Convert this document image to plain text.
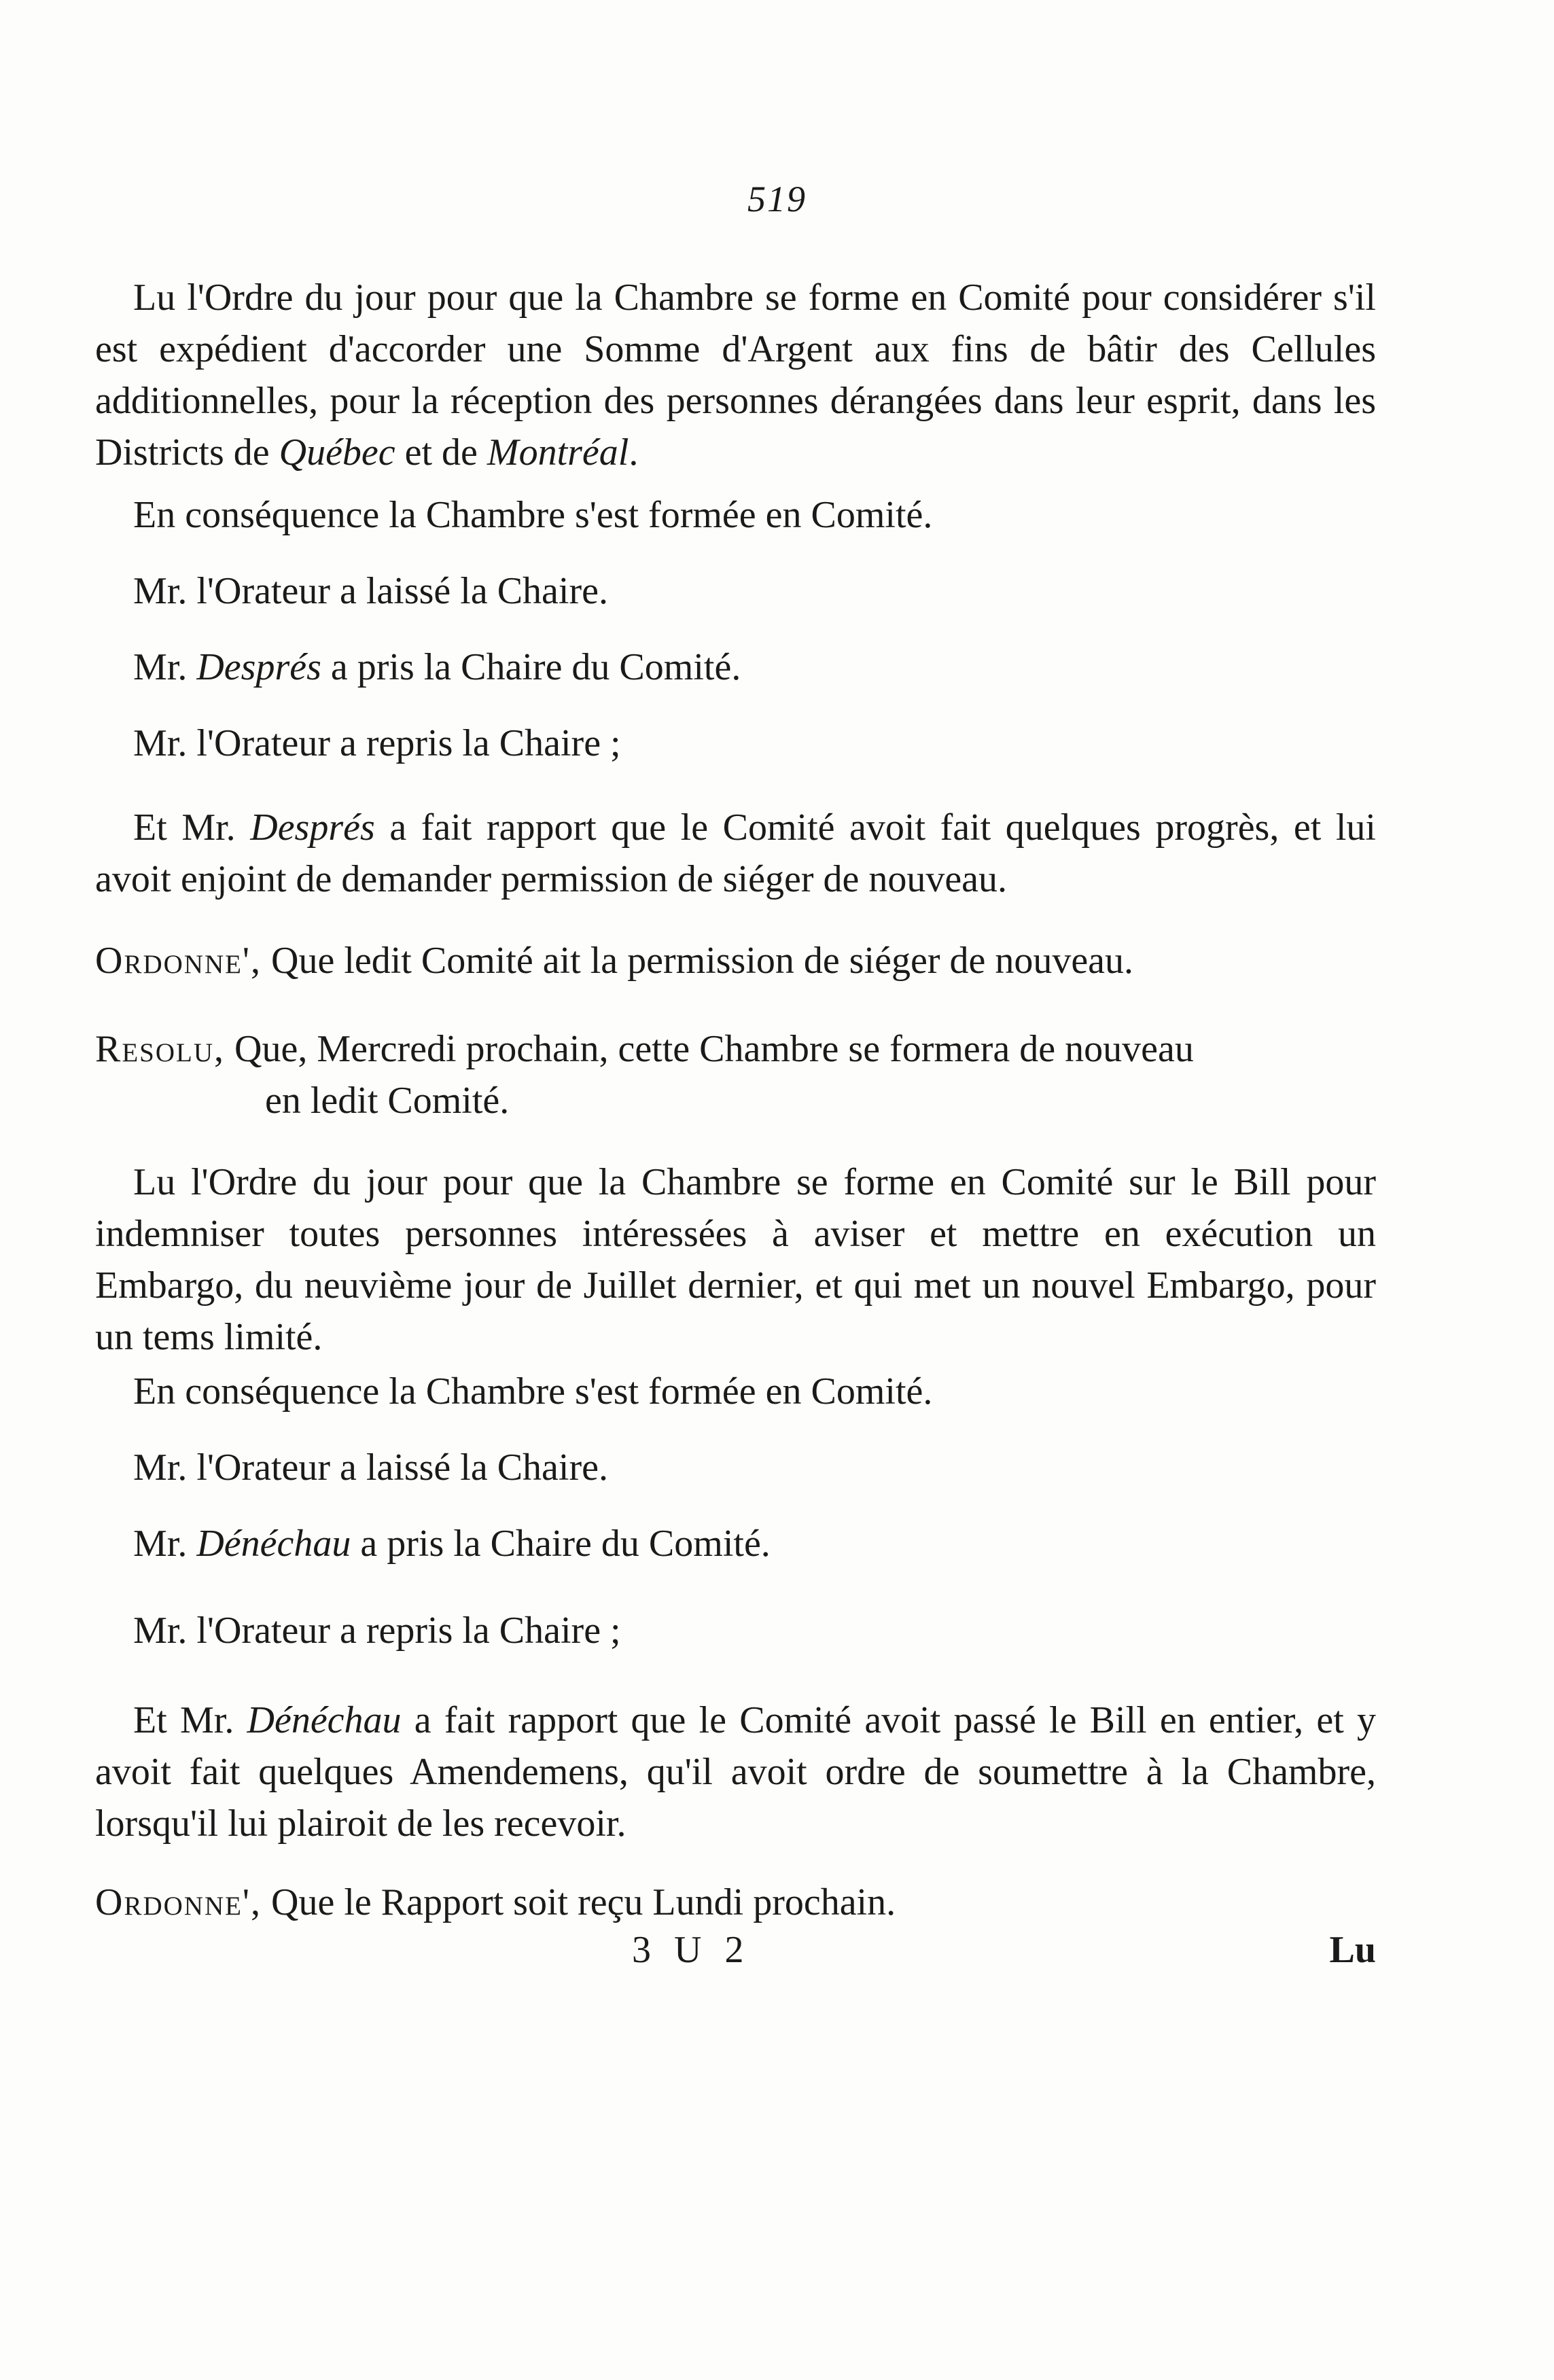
519

Lu l'Ordre du jour pour que la Chambre se forme en Comité pour considérer s'il est expédient d'accorder une Somme d'Argent aux fins de bâtir des Cellules additionnelles, pour la réception des personnes dérangées dans leur esprit, dans les Districts de Québec et de Montréal.

En conséquence la Chambre s'est formée en Comité.
Mr. l'Orateur a laissé la Chaire.
Mr. Després a pris la Chaire du Comité.
Mr. l'Orateur a repris la Chaire ;

Et Mr. Després a fait rapport que le Comité avoit fait quelques progrès, et lui avoit enjoint de demander permission de siéger de nouveau.

Ordonne', Que ledit Comité ait la permission de siéger de nouveau.
Resolu, Que, Mercredi prochain, cette Chambre se formera de nouveau
en ledit Comité.

Lu l'Ordre du jour pour que la Chambre se forme en Comité sur le Bill pour indemniser toutes personnes intéressées à aviser et mettre en exécution un Embargo, du neuvième jour de Juillet dernier, et qui met un nouvel Embargo, pour un tems limité.

En conséquence la Chambre s'est formée en Comité.
Mr. l'Orateur a laissé la Chaire.
Mr. Dénéchau a pris la Chaire du Comité.
Mr. l'Orateur a repris la Chaire ;

Et Mr. Dénéchau a fait rapport que le Comité avoit passé le Bill en entier, et y avoit fait quelques Amendemens, qu'il avoit ordre de soumettre à la Chambre, lorsqu'il lui plairoit de les recevoir.

Ordonne', Que le Rapport soit reçu Lundi prochain.
3 U 2	Lu
